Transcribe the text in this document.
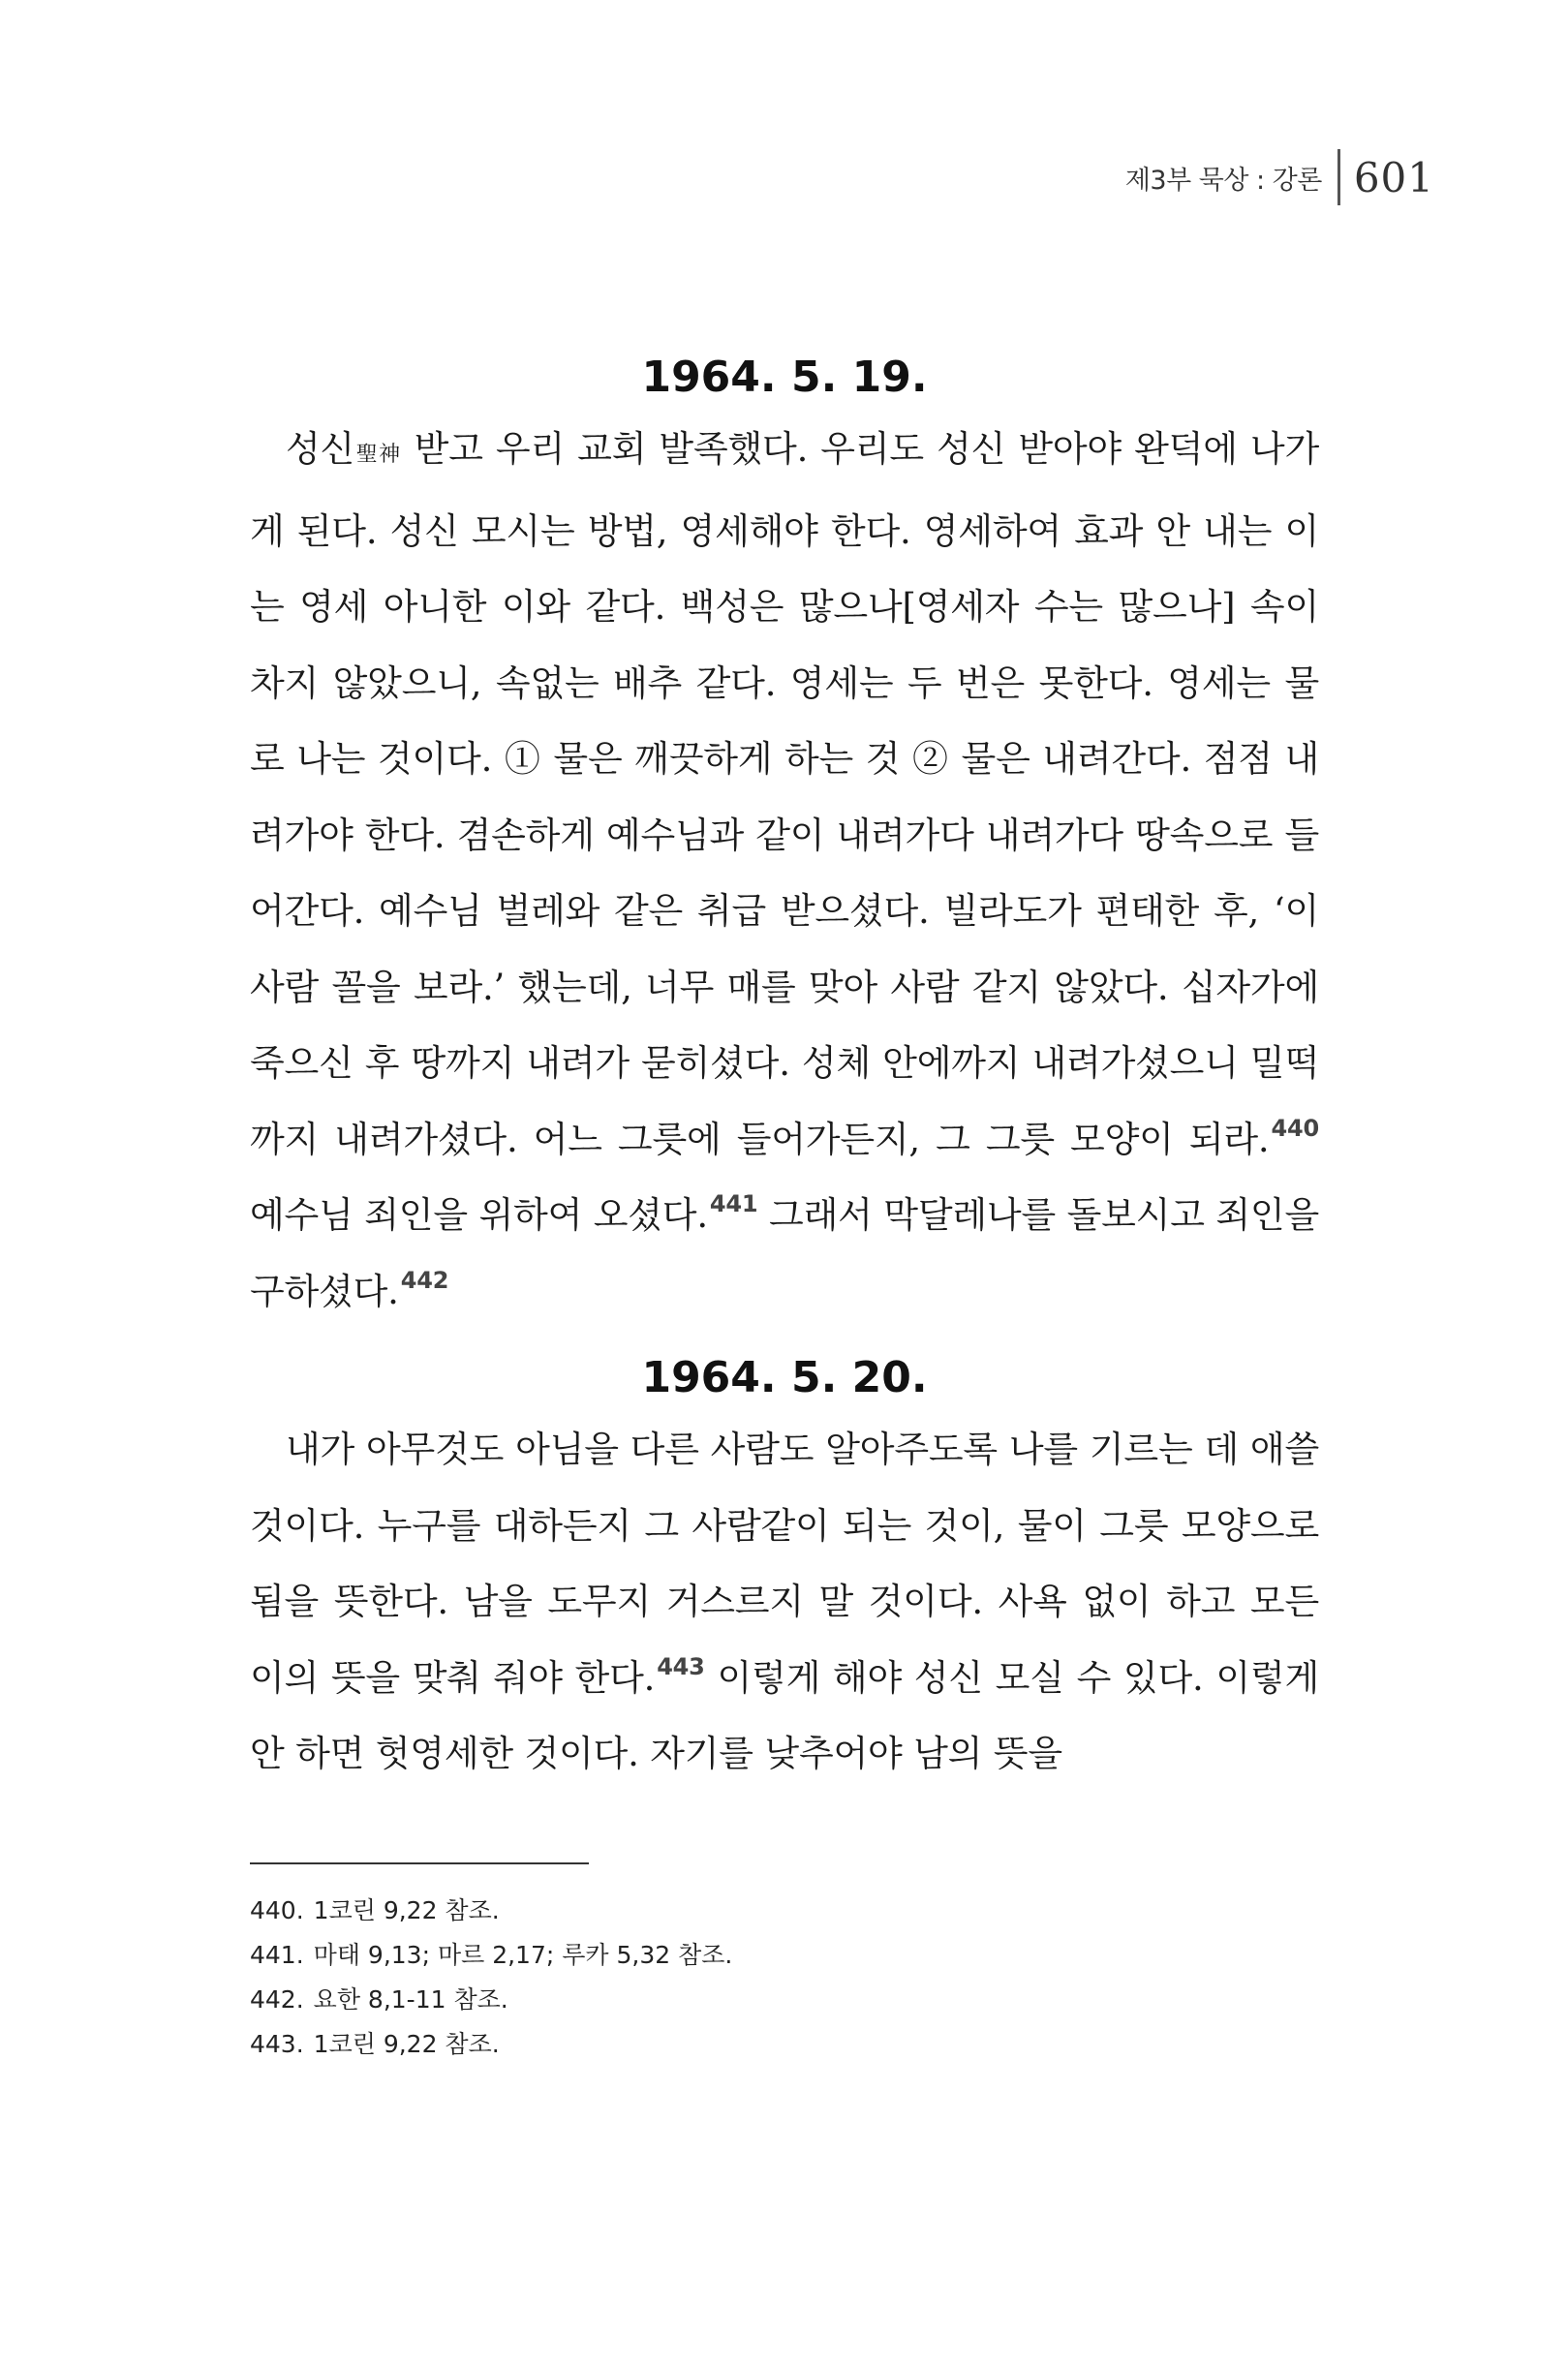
제3부 묵상 : 강론 601
1964. 5. 19.

성신聖神 받고 우리 교회 발족했다. 우리도 성신 받아야 완덕에 나가게 된다. 성신 모시는 방법, 영세해야 한다. 영세하여 효과 안 내는 이는 영세 아니한 이와 같다. 백성은 많으나[영세자 수는 많으나] 속이 차지 않았으니, 속없는 배추 같다. 영세는 두 번은 못한다. 영세는 물로 나는 것이다. ① 물은 깨끗하게 하는 것 ② 물은 내려간다. 점점 내려가야 한다. 겸손하게 예수님과 같이 내려가다 내려가다 땅속으로 들어간다. 예수님 벌레와 같은 취급 받으셨다. 빌라도가 편태한 후, ‘이 사람 꼴을 보라.’ 했는데, 너무 매를 맞아 사람 같지 않았다. 십자가에 죽으신 후 땅까지 내려가 묻히셨다. 성체 안에까지 내려가셨으니 밀떡까지 내려가셨다. 어느 그릇에 들어가든지, 그 그릇 모양이 되라.$^{440}$ 예수님 죄인을 위하여 오셨다.$^{441}$ 그래서 막달레나를 돌보시고 죄인을 구하셨다.$^{442}$

1964. 5. 20.

내가 아무것도 아님을 다른 사람도 알아주도록 나를 기르는 데 애쓸 것이다. 누구를 대하든지 그 사람같이 되는 것이, 물이 그릇 모양으로 됨을 뜻한다. 남을 도무지 거스르지 말 것이다. 사욕 없이 하고 모든 이의 뜻을 맞춰 줘야 한다.$^{443}$ 이렇게 해야 성신 모실 수 있다. 이렇게 안 하면 헛영세한 것이다. 자기를 낮추어야 남의 뜻을

440. 1코린 9,22 참조.
441. 마태 9,13; 마르 2,17; 루카 5,32 참조.
442. 요한 8,1-11 참조.
443. 1코린 9,22 참조.
